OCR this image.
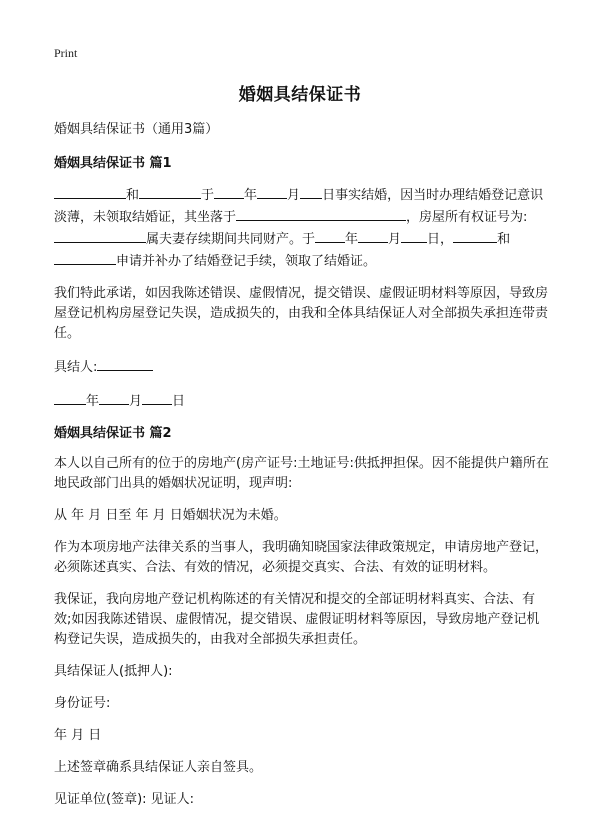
Print
婚姻具结保证书

婚姻具结保证书（通用3篇）

婚姻具结保证书 篇1

和	于 年 月 日事实结婚，因当时办理结婚登记意识淡薄，未领取结婚证，其坐落于	，房屋所有权证号为:属夫妻存续期间共同财产。于 年 月 日，	和申请并补办了结婚登记手续，领取了结婚证。

我们特此承诺，如因我陈述错误、虚假情况，提交错误、虚假证明材料等原因，导致房屋登记机构房屋登记失误，造成损失的，由我和全体具结保证人对全部损失承担连带责任。

具结人:

年 月 日

婚姻具结保证书 篇2

本人以自己所有的位于的房地产(房产证号:土地证号:供抵押担保。因不能提供户籍所在地民政部门出具的婚姻状况证明，现声明:

从 年 月 日至 年 月 日婚姻状况为未婚。

作为本项房地产法律关系的当事人，我明确知晓国家法律政策规定，申请房地产登记，必须陈述真实、合法、有效的情况，必须提交真实、合法、有效的证明材料。

我保证，我向房地产登记机构陈述的有关情况和提交的全部证明材料真实、合法、有效;如因我陈述错误、虚假情况，提交错误、虚假证明材料等原因，导致房地产登记机构登记失误，造成损失的，由我对全部损失承担责任。

具结保证人(抵押人):

身份证号:

年 月 日

上述签章确系具结保证人亲自签具。

见证单位(签章): 见证人:
